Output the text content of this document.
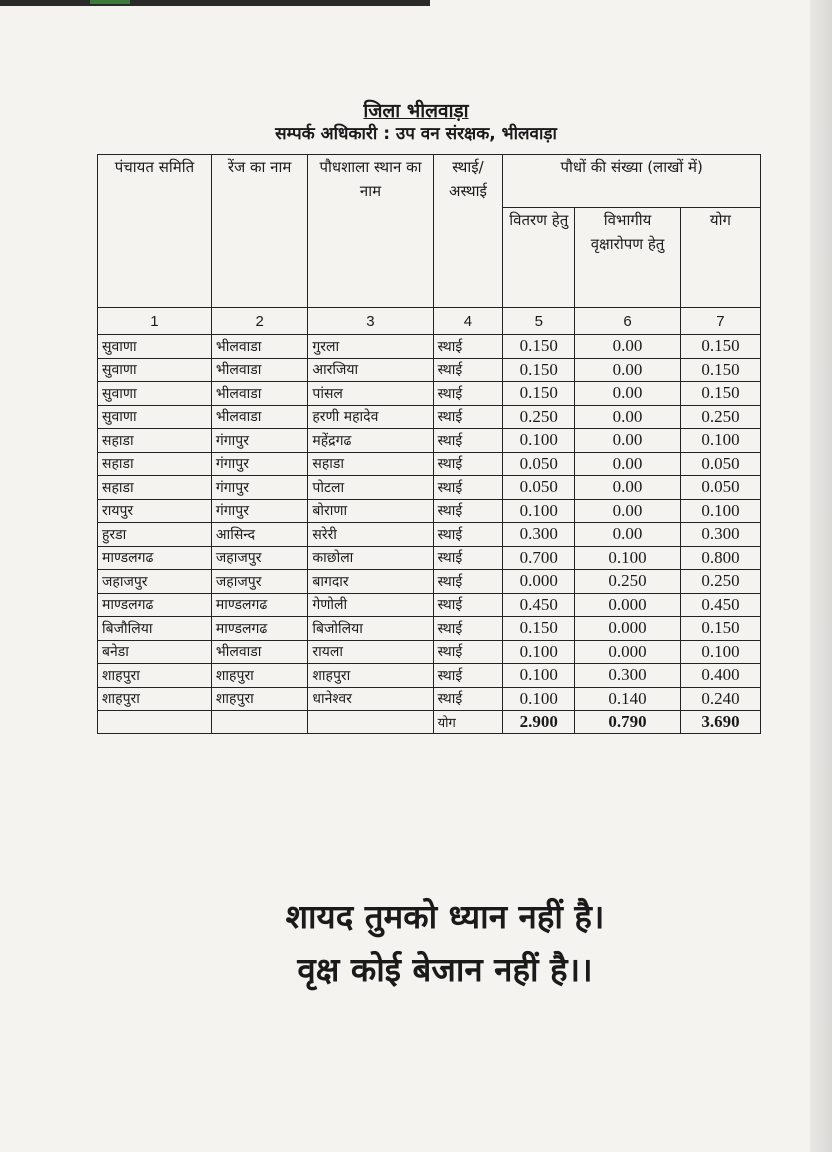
जिला भीलवाड़ा
सम्पर्क अधिकारी : उप वन संरक्षक, भीलवाड़ा
पंचायत समिति	रेंज का नाम	पौधशाला स्थान का नाम	स्थाई/ अस्थाई	पौधों की संख्या (लाखों में)		
				वितरण हेतु	विभागीय वृक्षारोपण हेतु	योग
1	2	3	4	5	6	7
सुवाणा	भीलवाडा	गुरला	स्थाई	0.150	0.00	0.150
सुवाणा	भीलवाडा	आरजिया	स्थाई	0.150	0.00	0.150
सुवाणा	भीलवाडा	पांसल	स्थाई	0.150	0.00	0.150
सुवाणा	भीलवाडा	हरणी महादेव	स्थाई	0.250	0.00	0.250
सहाडा	गंगापुर	महेंद्रगढ	स्थाई	0.100	0.00	0.100
सहाडा	गंगापुर	सहाडा	स्थाई	0.050	0.00	0.050
सहाडा	गंगापुर	पोटला	स्थाई	0.050	0.00	0.050
रायपुर	गंगापुर	बोराणा	स्थाई	0.100	0.00	0.100
हुरडा	आसिन्द	सरेरी	स्थाई	0.300	0.00	0.300
माण्डलगढ	जहाजपुर	काछोला	स्थाई	0.700	0.100	0.800
जहाजपुर	जहाजपुर	बागदार	स्थाई	0.000	0.250	0.250
माण्डलगढ	माण्डलगढ	गेणोली	स्थाई	0.450	0.000	0.450
बिजौलिया	माण्डलगढ	बिजोलिया	स्थाई	0.150	0.000	0.150
बनेडा	भीलवाडा	रायला	स्थाई	0.100	0.000	0.100
शाहपुरा	शाहपुरा	शाहपुरा	स्थाई	0.100	0.300	0.400
शाहपुरा	शाहपुरा	धानेश्वर	स्थाई	0.100	0.140	0.240
			योग	2.900	0.790	3.690
शायद तुमको ध्यान नहीं है।
वृक्ष कोई बेजान नहीं है।।
